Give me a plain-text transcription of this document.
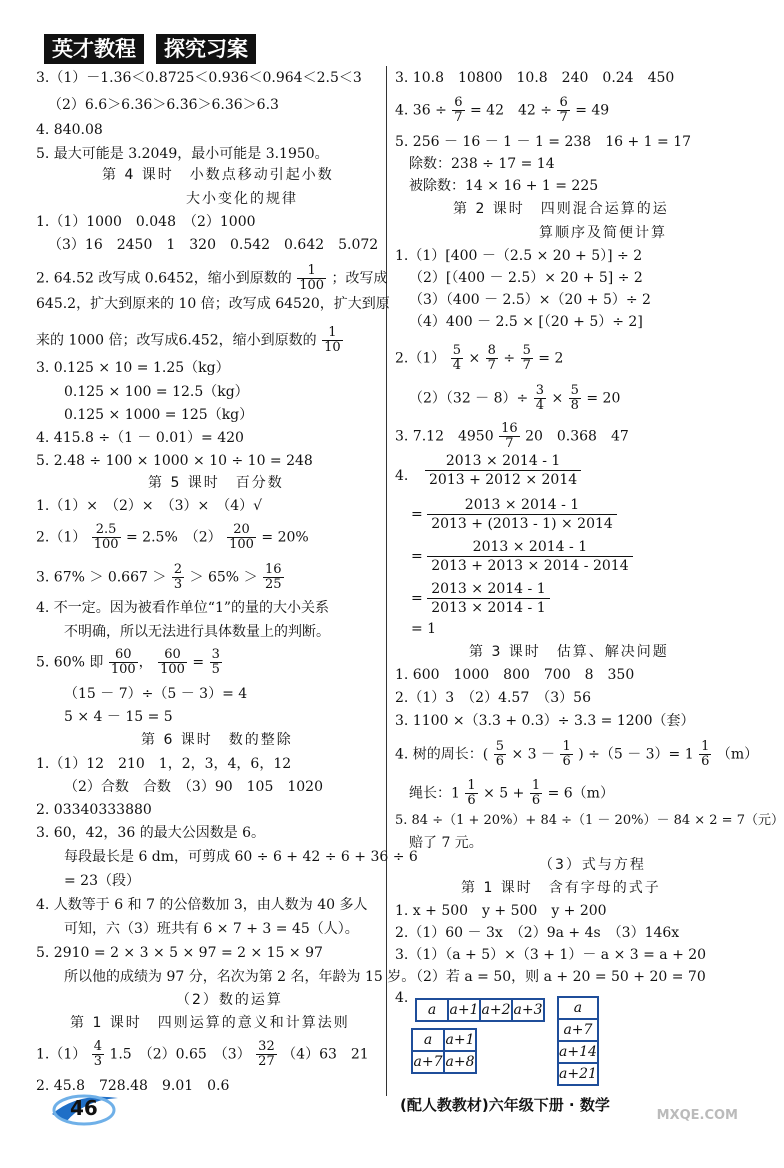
英才教程	探究习案
3.（1）－1.36＜0.8725＜0.936＜0.964＜2.5＜3
（2）6.6＞6.36＞6.3̇6̇＞6.36＞6.3
4. 840.08
5. 最大可能是 3.2049，最小可能是 3.1950。
第 4 课时　小数点移动引起小数
大小变化的规律
1.（1）1000　0.048　（2）1000
（3）16　2450　1　320　0.542　0.642　5.072
2. 64.52 改写成 0.6452，缩小到原数的 $\frac{1}{100}$ ；改写成
645.2，扩大到原来的 10 倍；改写成 64520，扩大到原
来的 1000 倍；改写成6.452，缩小到原数的 $\frac{1}{10}$
3. 0.125 × 10 = 1.25（kg）
0.125 × 100 = 12.5（kg）
0.125 × 1000 = 125（kg）
4. 415.8 ÷（1 － 0.01）= 420
5. 2.48 ÷ 100 × 1000 × 10 ÷ 10 = 248
第 5 课时　百分数
1.（1）×　（2）×　（3）×　（4）√
$2.(1) \frac{2.5}{100} = 2.5\%$　$(2) \frac{20}{100} = 20\%$
3. $67\% > 0.667 > \frac{2}{3} > 65\% > \frac{16}{25}$
4. 不一定。因为被看作单位“1”的量的大小关系
不明确，所以无法进行具体数量上的判断。
5. 60% 即 $\frac{60}{100}$ ， $\frac{60}{100} = \frac{3}{5}$
（15 － 7）÷（5 － 3）= 4
5 × 4 － 15 = 5
第 6 课时　数的整除
1.（1）12　210　1，2，3，4，6，12
（2）合数　合数　（3）90　105　1020
2. 03340333880
3. 60，42，36 的最大公因数是 6。
每段最长是 6 dm，可剪成 60 ÷ 6 + 42 ÷ 6 + 36 ÷ 6
= 23（段）
4. 人数等于 6 和 7 的公倍数加 3，由人数为 40 多人
可知，六（3）班共有 6 × 7 + 3 = 45（人）。
5. 2910 = 2 × 3 × 5 × 97 = 2 × 15 × 97
所以他的成绩为 97 分，名次为第 2 名，年龄为 15 岁。
（2）数的运算
第 1 课时　四则运算的意义和计算法则
$1.(1) \frac{4}{3} 1.5$　（2）0.65　$(3) \frac{32}{27} (4)63$　21
2. 45.8　728.48　9.01　0.6
3. 10.8　10800　10.8　240　0.24　450
4. $36 \div \frac{6}{7} = 42$　$42 \div \frac{6}{7} = 49$
5. 256 － 16 － 1 － 1 = 238　16 + 1 = 17
除数：238 ÷ 17 = 14
被除数：14 × 16 + 1 = 225
第 2 课时　四则混合运算的运
算顺序及简便计算
1.（1）[400 －（2.5 × 20 + 5）] ÷ 2
（2）[（400 － 2.5）× 20 + 5] ÷ 2
（3）（400 － 2.5）×（20 + 5）÷ 2
（4）400 － 2.5 × [（20 + 5）÷ 2]
$2.(1) \frac{5}{4} \times \frac{8}{7} \div \frac{5}{7} = 2$
$(2)(32 - 8)\div \frac{3}{4} \times \frac{5}{8} = 20$
3. 7.12　$4950 \frac{16}{7} 20$　0.368　47
4. $\frac{2013 \times 2014 - 1}{2013 + 2012 \times 2014}$
= $\frac{2013 \times 2014 - 1}{2013 + (2013 - 1) \times 2014}$
= $\frac{2013 \times 2014 - 1}{2013 + 2013 \times 2014 - 2014}$
= $\frac{2013 \times 2014 - 1}{2013 \times 2014 - 1}$
= 1
第 3 课时　估算、解决问题
1. 600　1000　800　700　8　350
2.（1）3　（2）4.57　（3）56
3. 1100 ×（3.3 + 0.3）÷ 3.3 = 1200（套）
4. 树的周长：( $\frac{5}{6} \times 3 - \frac{1}{6}$ ) $\div(5 - 3)= 1 \frac{1}{6} (m)$
绳长：$1 \frac{1}{6} \times 5 + \frac{1}{6} = 6(m)$
5. 84 ÷（1 + 20%）+ 84 ÷（1 － 20%）－ 84 × 2 = 7（元）
赔了 7 元。
（3）式与方程
第 1 课时　含有字母的式子
1. x + 500　y + 500　y + 200
2.（1）60 － 3x　（2）9a + 4s　（3）146x
3.（1）（a + 5）×（3 + 1）－ a × 3 = a + 20
（2）若 a = 50，则 a + 20 = 50 + 20 = 70
4.
a	a+1	a+2	a+3
a	a+1
a+7	a+8
a
a+7
a+14
a+21
46	(配人教教材)六年级下册 · 数学
MXQE.COM
